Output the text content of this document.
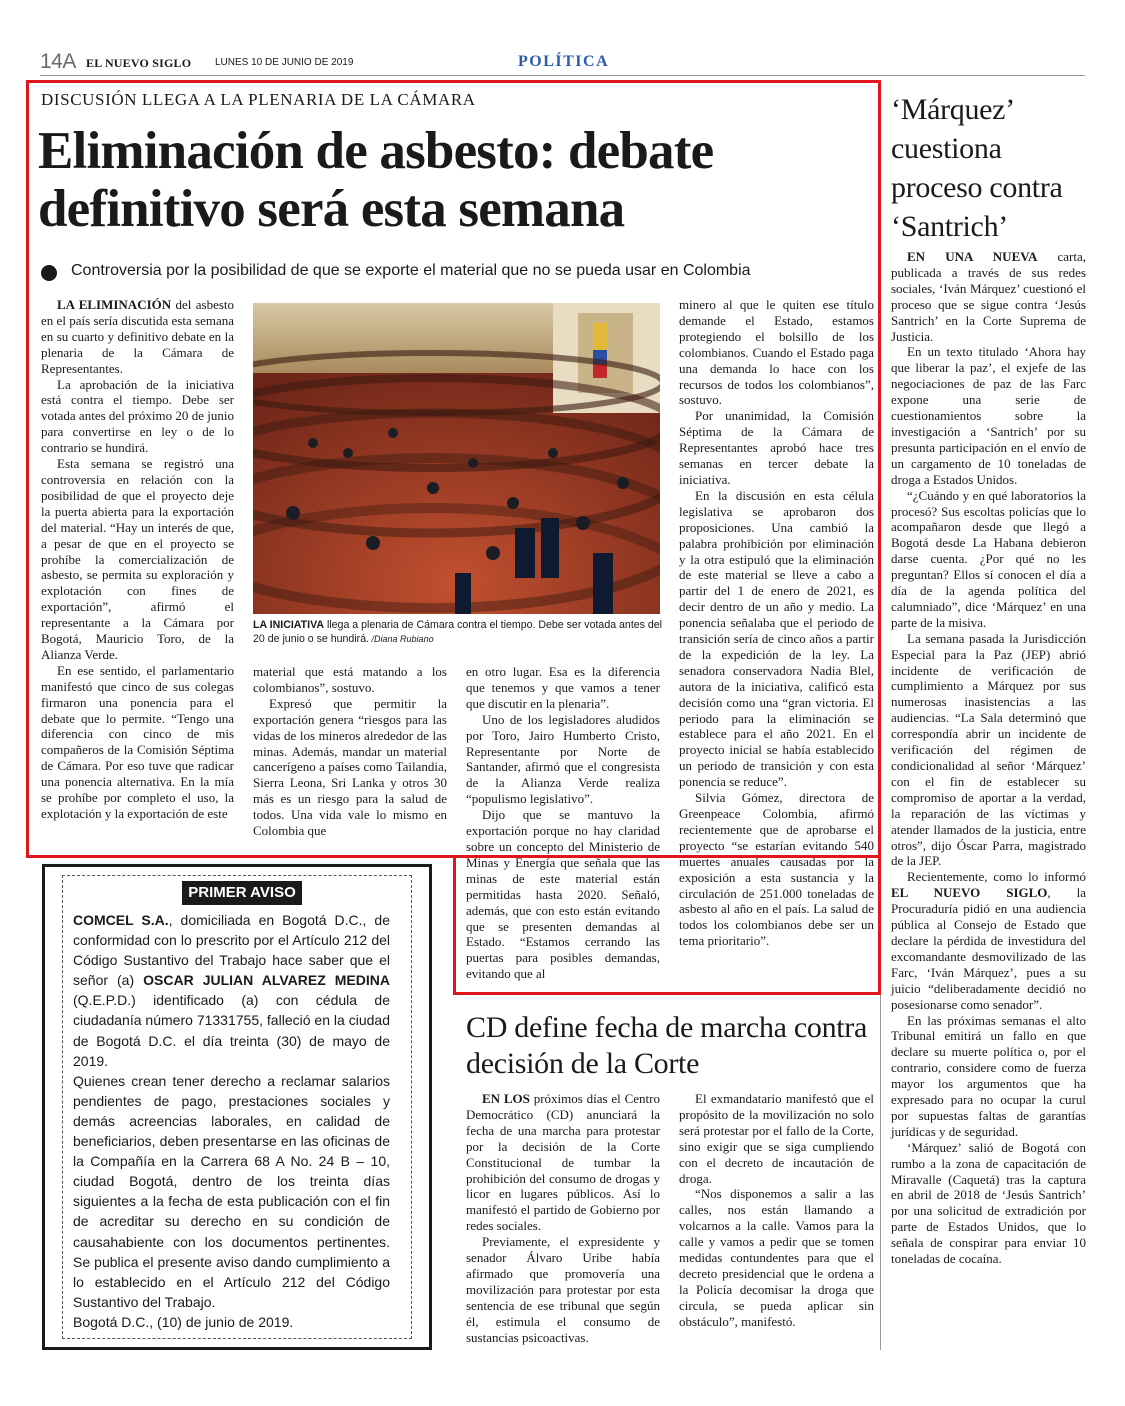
14A EL NUEVO SIGLO LUNES 10 DE JUNIO DE 2019	POLÍTICA
DISCUSIÓN LLEGA A LA PLENARIA DE LA CÁMARA
Eliminación de asbesto: debate
definitivo será esta semana
Controversia por la posibilidad de que se exporte el material que no se pueda usar en Colombia

LA ELIMINACIÓN del asbesto en el país sería discutida esta semana en su cuarto y definitivo debate en la plenaria de la Cámara de Representantes.

La aprobación de la iniciativa está contra el tiempo. Debe ser votada antes del próximo 20 de junio para convertirse en ley o de lo contrario se hundirá.

Esta semana se registró una controversia en relación con la posibilidad de que el proyecto deje la puerta abierta para la exportación del material. “Hay un interés de que, a pesar de que en el proyecto se prohíbe la comercialización de asbesto, se permita su exploración y explotación con fines de exportación”, afirmó el representante a la Cámara por Bogotá, Mauricio Toro, de la Alianza Verde.

En ese sentido, el parlamentario manifestó que cinco de sus colegas firmaron una ponencia para el debate que lo permite. “Tengo una diferencia con cinco de mis compañeros de la Comisión Séptima de Cámara. Por eso tuve que radicar una ponencia alternativa. En la mía se prohíbe por completo el uso, la explotación y la exportación de este

LA INICIATIVA llega a plenaria de Cámara contra el tiempo. Debe ser votada antes del 20 de junio o se hundirá. /Diana Rubiano

material que está matando a los colombianos”, sostuvo.

Expresó que permitir la exportación genera “riesgos para las vidas de los mineros alrededor de las minas. Además, mandar un material cancerígeno a países como Tailandia, Sierra Leona, Sri Lanka y otros 30 más es un riesgo para la salud de todos. Una vida vale lo mismo en Colombia que

en otro lugar. Esa es la diferencia que tenemos y que vamos a tener que discutir en la plenaria”.

Uno de los legisladores aludidos por Toro, Jairo Humberto Cristo, Representante por Norte de Santander, afirmó que el congresista de la Alianza Verde realiza “populismo legislativo”.

Dijo que se mantuvo la exportación porque no hay claridad sobre un concepto del Ministerio de Minas y Energía que señala que las minas de este material están permitidas hasta 2020. Señaló, además, que con esto están evitando que se presenten demandas al Estado. “Estamos cerrando las puertas para posibles demandas, evitando que al

minero al que le quiten ese título demande el Estado, estamos protegiendo el bolsillo de los colombianos. Cuando el Estado paga una demanda lo hace con los recursos de todos los colombianos”, sostuvo.

Por unanimidad, la Comisión Séptima de la Cámara de Representantes aprobó hace tres semanas en tercer debate la iniciativa.

En la discusión en esta célula legislativa se aprobaron dos proposiciones. Una cambió la palabra prohibición por eliminación y la otra estipuló que la eliminación de este material se lleve a cabo a partir del 1 de enero de 2021, es decir dentro de un año y medio. La ponencia señalaba que el periodo de transición sería de cinco años a partir de la expedición de la ley. La senadora conservadora Nadia Blel, autora de la iniciativa, calificó esta decisión como una “gran victoria. El periodo para la eliminación se establece para el año 2021. En el proyecto inicial se había establecido un periodo de transición y con esta ponencia se reduce”.

Silvia Gómez, directora de Greenpeace Colombia, afirmó recientemente que de aprobarse el proyecto “se estarían evitando 540 muertes anuales causadas por la exposición a esta sustancia y la circulación de 251.000 toneladas de asbesto al año en el país. La salud de todos los colombianos debe ser un tema prioritario”.

PRIMER AVISO

COMCEL S.A., domiciliada en Bogotá D.C., de conformidad con lo prescrito por el Artículo 212 del Código Sustantivo del Trabajo hace saber que el señor (a) OSCAR JULIAN ALVAREZ MEDINA (Q.E.P.D.) identificado (a) con cédula de ciudadanía número 71331755, falleció en la ciudad de Bogotá D.C. el día treinta (30) de mayo de 2019.

Quienes crean tener derecho a reclamar salarios pendientes de pago, prestaciones sociales y demás acreencias laborales, en calidad de beneficiarios, deben presentarse en las oficinas de la Compañía en la Carrera 68 A No. 24 B – 10, ciudad Bogotá, dentro de los treinta días siguientes a la fecha de esta publicación con el fin de acreditar su derecho en su condición de causahabiente con los documentos pertinentes. Se publica el presente aviso dando cumplimiento a lo establecido en el Artículo 212 del Código Sustantivo del Trabajo.

Bogotá D.C., (10) de junio de 2019.

CD define fecha de marcha contra decisión de la Corte

EN LOS próximos días el Centro Democrático (CD) anunciará la fecha de una marcha para protestar por la decisión de la Corte Constitucional de tumbar la prohibición del consumo de drogas y licor en lugares públicos. Así lo manifestó el partido de Gobierno por redes sociales.

Previamente, el expresidente y senador Álvaro Uribe había afirmado que promovería una movilización para protestar por esta sentencia de ese tribunal que según él, estimula el consumo de sustancias psicoactivas.

El exmandatario manifestó que el propósito de la movilización no solo será protestar por el fallo de la Corte, sino exigir que se siga cumpliendo con el decreto de incautación de droga.

“Nos disponemos a salir a las calles, nos están llamando a volcarnos a la calle. Vamos para la calle y vamos a pedir que se tomen medidas contundentes para que el decreto presidencial que le ordena a la Policía decomisar la droga que circula, se pueda aplicar sin obstáculo”, manifestó.

‘Márquez’ cuestiona proceso contra ‘Santrich’

EN UNA NUEVA carta, publicada a través de sus redes sociales, ‘Iván Márquez’ cuestionó el proceso que se sigue contra ‘Jesús Santrich’ en la Corte Suprema de Justicia.

En un texto titulado ‘Ahora hay que liberar la paz’, el exjefe de las negociaciones de paz de las Farc expone una serie de cuestionamientos sobre la investigación a ‘Santrich’ por su presunta participación en el envío de un cargamento de 10 toneladas de droga a Estados Unidos.

“¿Cuándo y en qué laboratorios la procesó? Sus escoltas policías que lo acompañaron desde que llegó a Bogotá desde La Habana debieron darse cuenta. ¿Por qué no les preguntan? Ellos sí conocen el día a día de la agenda política del calumniado”, dice ‘Márquez’ en una parte de la misiva.

La semana pasada la Jurisdicción Especial para la Paz (JEP) abrió incidente de verificación de cumplimiento a Márquez por sus numerosas inasistencias a las audiencias. “La Sala determinó que correspondía abrir un incidente de verificación del régimen de condicionalidad al señor ‘Márquez’ con el fin de establecer su compromiso de aportar a la verdad, la reparación de las víctimas y atender llamados de la justicia, entre otros”, dijo Óscar Parra, magistrado de la JEP.

Recientemente, como lo informó EL NUEVO SIGLO, la Procuraduría pidió en una audiencia pública al Consejo de Estado que declare la pérdida de investidura del excomandante desmovilizado de las Farc, ‘Iván Márquez’, pues a su juicio “deliberadamente decidió no posesionarse como senador”.

En las próximas semanas el alto Tribunal emitirá un fallo en que declare su muerte política o, por el contrario, considere como de fuerza mayor los argumentos que ha expresado para no ocupar la curul por supuestas faltas de garantías jurídicas y de seguridad.

‘Márquez’ salió de Bogotá con rumbo a la zona de capacitación de Miravalle (Caquetá) tras la captura en abril de 2018 de ‘Jesús Santrich’ por una solicitud de extradición por parte de Estados Unidos, que lo señala de conspirar para enviar 10 toneladas de cocaína.
